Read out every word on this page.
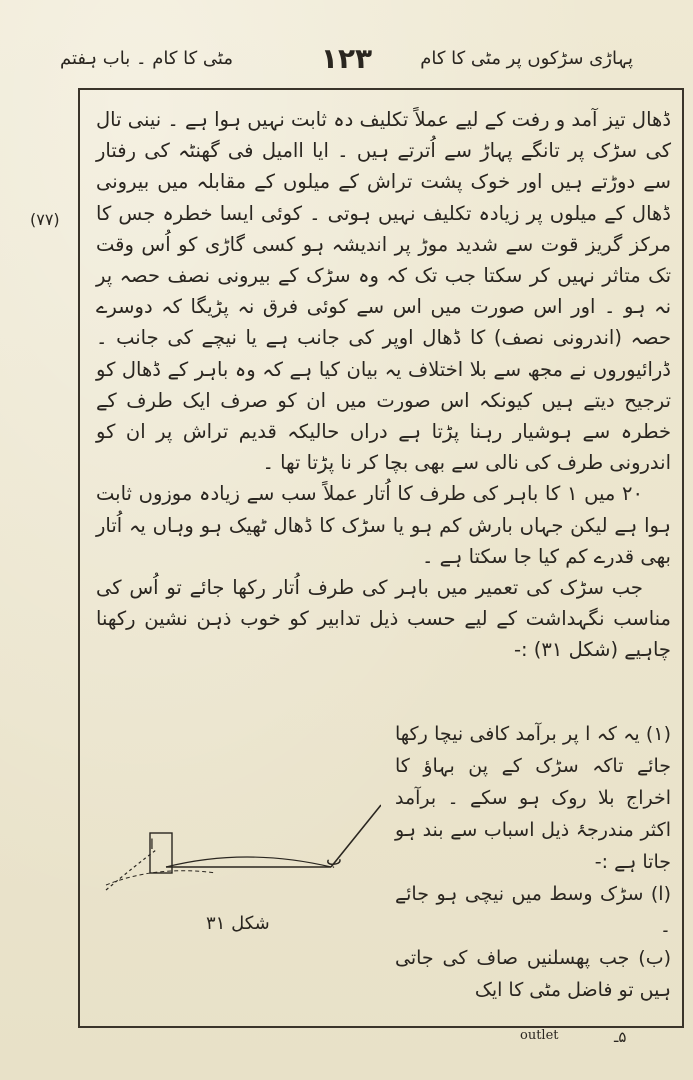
پہاڑی سڑکوں پر مٹی کا کام
۱۲۳
مٹی کا کام ۔ باب ہفتم
(۷۷)

ڈھال تیز آمد و رفت کے لیے عملاً تکلیف دہ ثابت نہیں ہوا ہے ۔ نینی تال کی سڑک پر تانگے پہاڑ سے اُترتے ہیں ۔ ایا اامیل فی گھنٹہ کی رفتار سے دوڑتے ہیں اور خوک پشت تراش کے میلوں کے مقابلہ میں بیرونی ڈھال کے میلوں پر زیادہ تکلیف نہیں ہوتی ۔ کوئی ایسا خطرہ جس کا مرکز گریز قوت سے شدید موڑ پر اندیشہ ہو کسی گاڑی کو اُس وقت تک متاثر نہیں کر سکتا جب تک کہ وہ سڑک کے بیرونی نصف حصہ پر نہ ہو ۔ اور اس صورت میں اس سے کوئی فرق نہ پڑیگا کہ دوسرے حصہ (اندرونی نصف) کا ڈھال اوپر کی جانب ہے یا نیچے کی جانب ۔ ڈرائیوروں نے مجھ سے بلا اختلاف یہ بیان کیا ہے کہ وہ باہر کے ڈھال کو ترجیح دیتے ہیں کیونکہ اس صورت میں ان کو صرف ایک طرف کے خطرہ سے ہوشیار رہنا پڑتا ہے دراں حالیکہ قدیم تراش پر ان کو اندرونی طرف کی نالی سے بھی بچا کر نا پڑتا تھا ۔

۲۰ میں ۱ کا باہر کی طرف کا اُتار عملاً سب سے زیادہ موزوں ثابت ہوا ہے لیکن جہاں بارش کم ہو یا سڑک کا ڈھال ٹھیک ہو وہاں یہ اُتار بھی قدرے کم کیا جا سکتا ہے ۔

جب سڑک کی تعمیر میں باہر کی طرف اُتار رکھا جائے تو اُس کی مناسب نگہداشت کے لیے حسب ذیل تدابیر کو خوب ذہن نشین رکھنا چاہیے (شکل ۳۱) :-

ا
ب
شکل ۳۱

(۱) یہ کہ ا پر برآمد کافی نیچا رکھا جائے تاکہ سڑک کے پن بہاؤ کا اخراج بلا روک ہو سکے ۔ برآمد اکثر مندرجۂ ذیل اسباب سے بند ہو جاتا ہے :-

(ا) سڑک وسط میں نیچی ہو جائے ۔

(ب) جب پھسلنیں صاف کی جاتی ہیں تو فاضل مٹی کا ایک

outlet	۵ـ
